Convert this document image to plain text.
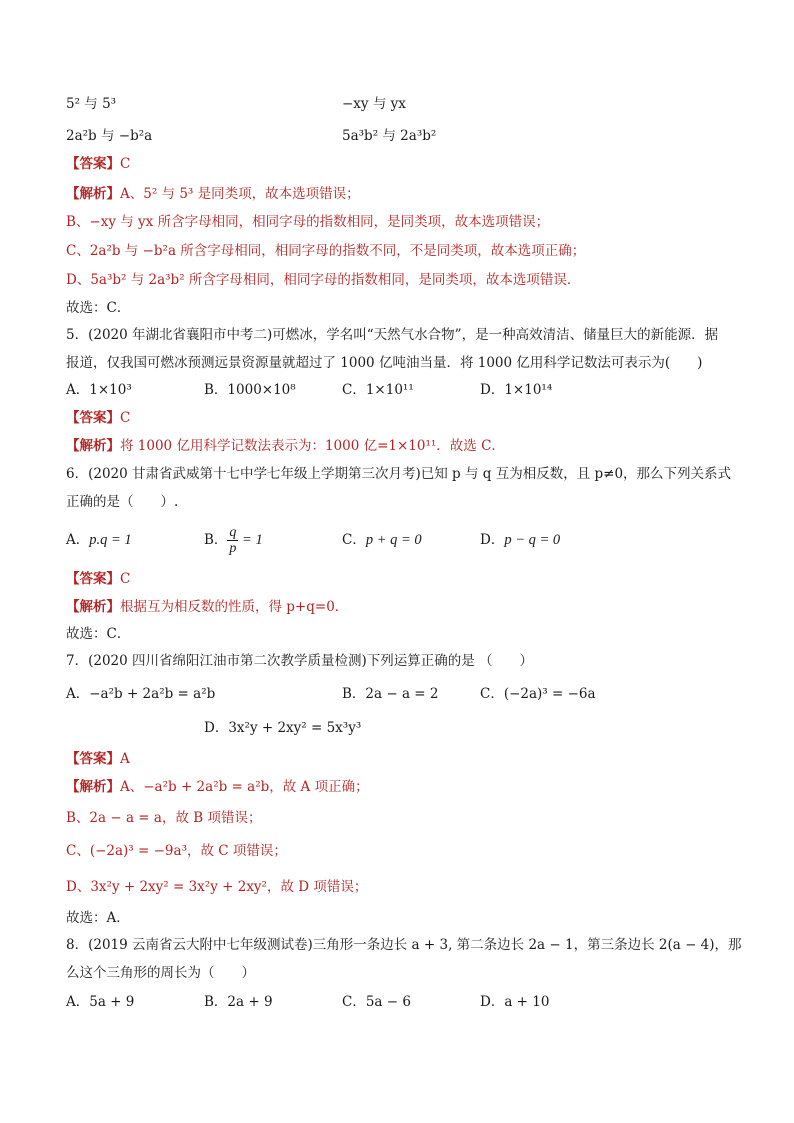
5² 与 5³	−xy 与 yx
2a²b 与 −b²a	5a³b² 与 2a³b²
【答案】C
【解析】A、5² 与 5³ 是同类项，故本选项错误；
B、−xy 与 yx 所含字母相同，相同字母的指数相同，是同类项，故本选项错误；
C、2a²b 与 −b²a 所含字母相同，相同字母的指数不同，不是同类项，故本选项正确；
D、5a³b² 与 2a³b² 所含字母相同，相同字母的指数相同，是同类项，故本选项错误．
故选：C．
5．(2020 年湖北省襄阳市中考二)可燃冰，学名叫“天然气水合物”，是一种高效清洁、储量巨大的新能源．据
报道，仅我国可燃冰预测远景资源量就超过了 1000 亿吨油当量．将 1000 亿用科学记数法可表示为(　　)
A．1×10³	B．1000×10⁸	C．1×10¹¹	D．1×10¹⁴
【答案】C
【解析】将 1000 亿用科学记数法表示为：1000 亿=1×10¹¹．故选 C．
6．(2020 甘肃省武威第十七中学七年级上学期第三次月考)已知 p 与 q 互为相反数，且 p≠0，那么下列关系式
正确的是（　　）.
A．p.q = 1	B． $\frac{q}{p} = 1$	C．p + q = 0	D．p − q = 0
【答案】C
【解析】根据互为相反数的性质，得 p+q=0．
故选：C．
7．(2020 四川省绵阳江油市第二次教学质量检测)下列运算正确的是 （　　）
A．−a²b + 2a²b = a²b	B．2a − a = 2	C．(−2a)³ = −6a
D．3x²y + 2xy² = 5x³y³
【答案】A
【解析】A、−a²b + 2a²b = a²b，故 A 项正确；
B、2a − a = a，故 B 项错误；
C、(−2a)³ = −9a³，故 C 项错误；
D、3x²y + 2xy² = 3x²y + 2xy²，故 D 项错误；
故选：A．
8．(2019 云南省云大附中七年级测试卷)三角形一条边长 a + 3, 第二条边长 2a − 1，第三条边长 2(a − 4)，那
么这个三角形的周长为（　　）
A．5a + 9	B．2a + 9	C．5a − 6	D．a + 10
